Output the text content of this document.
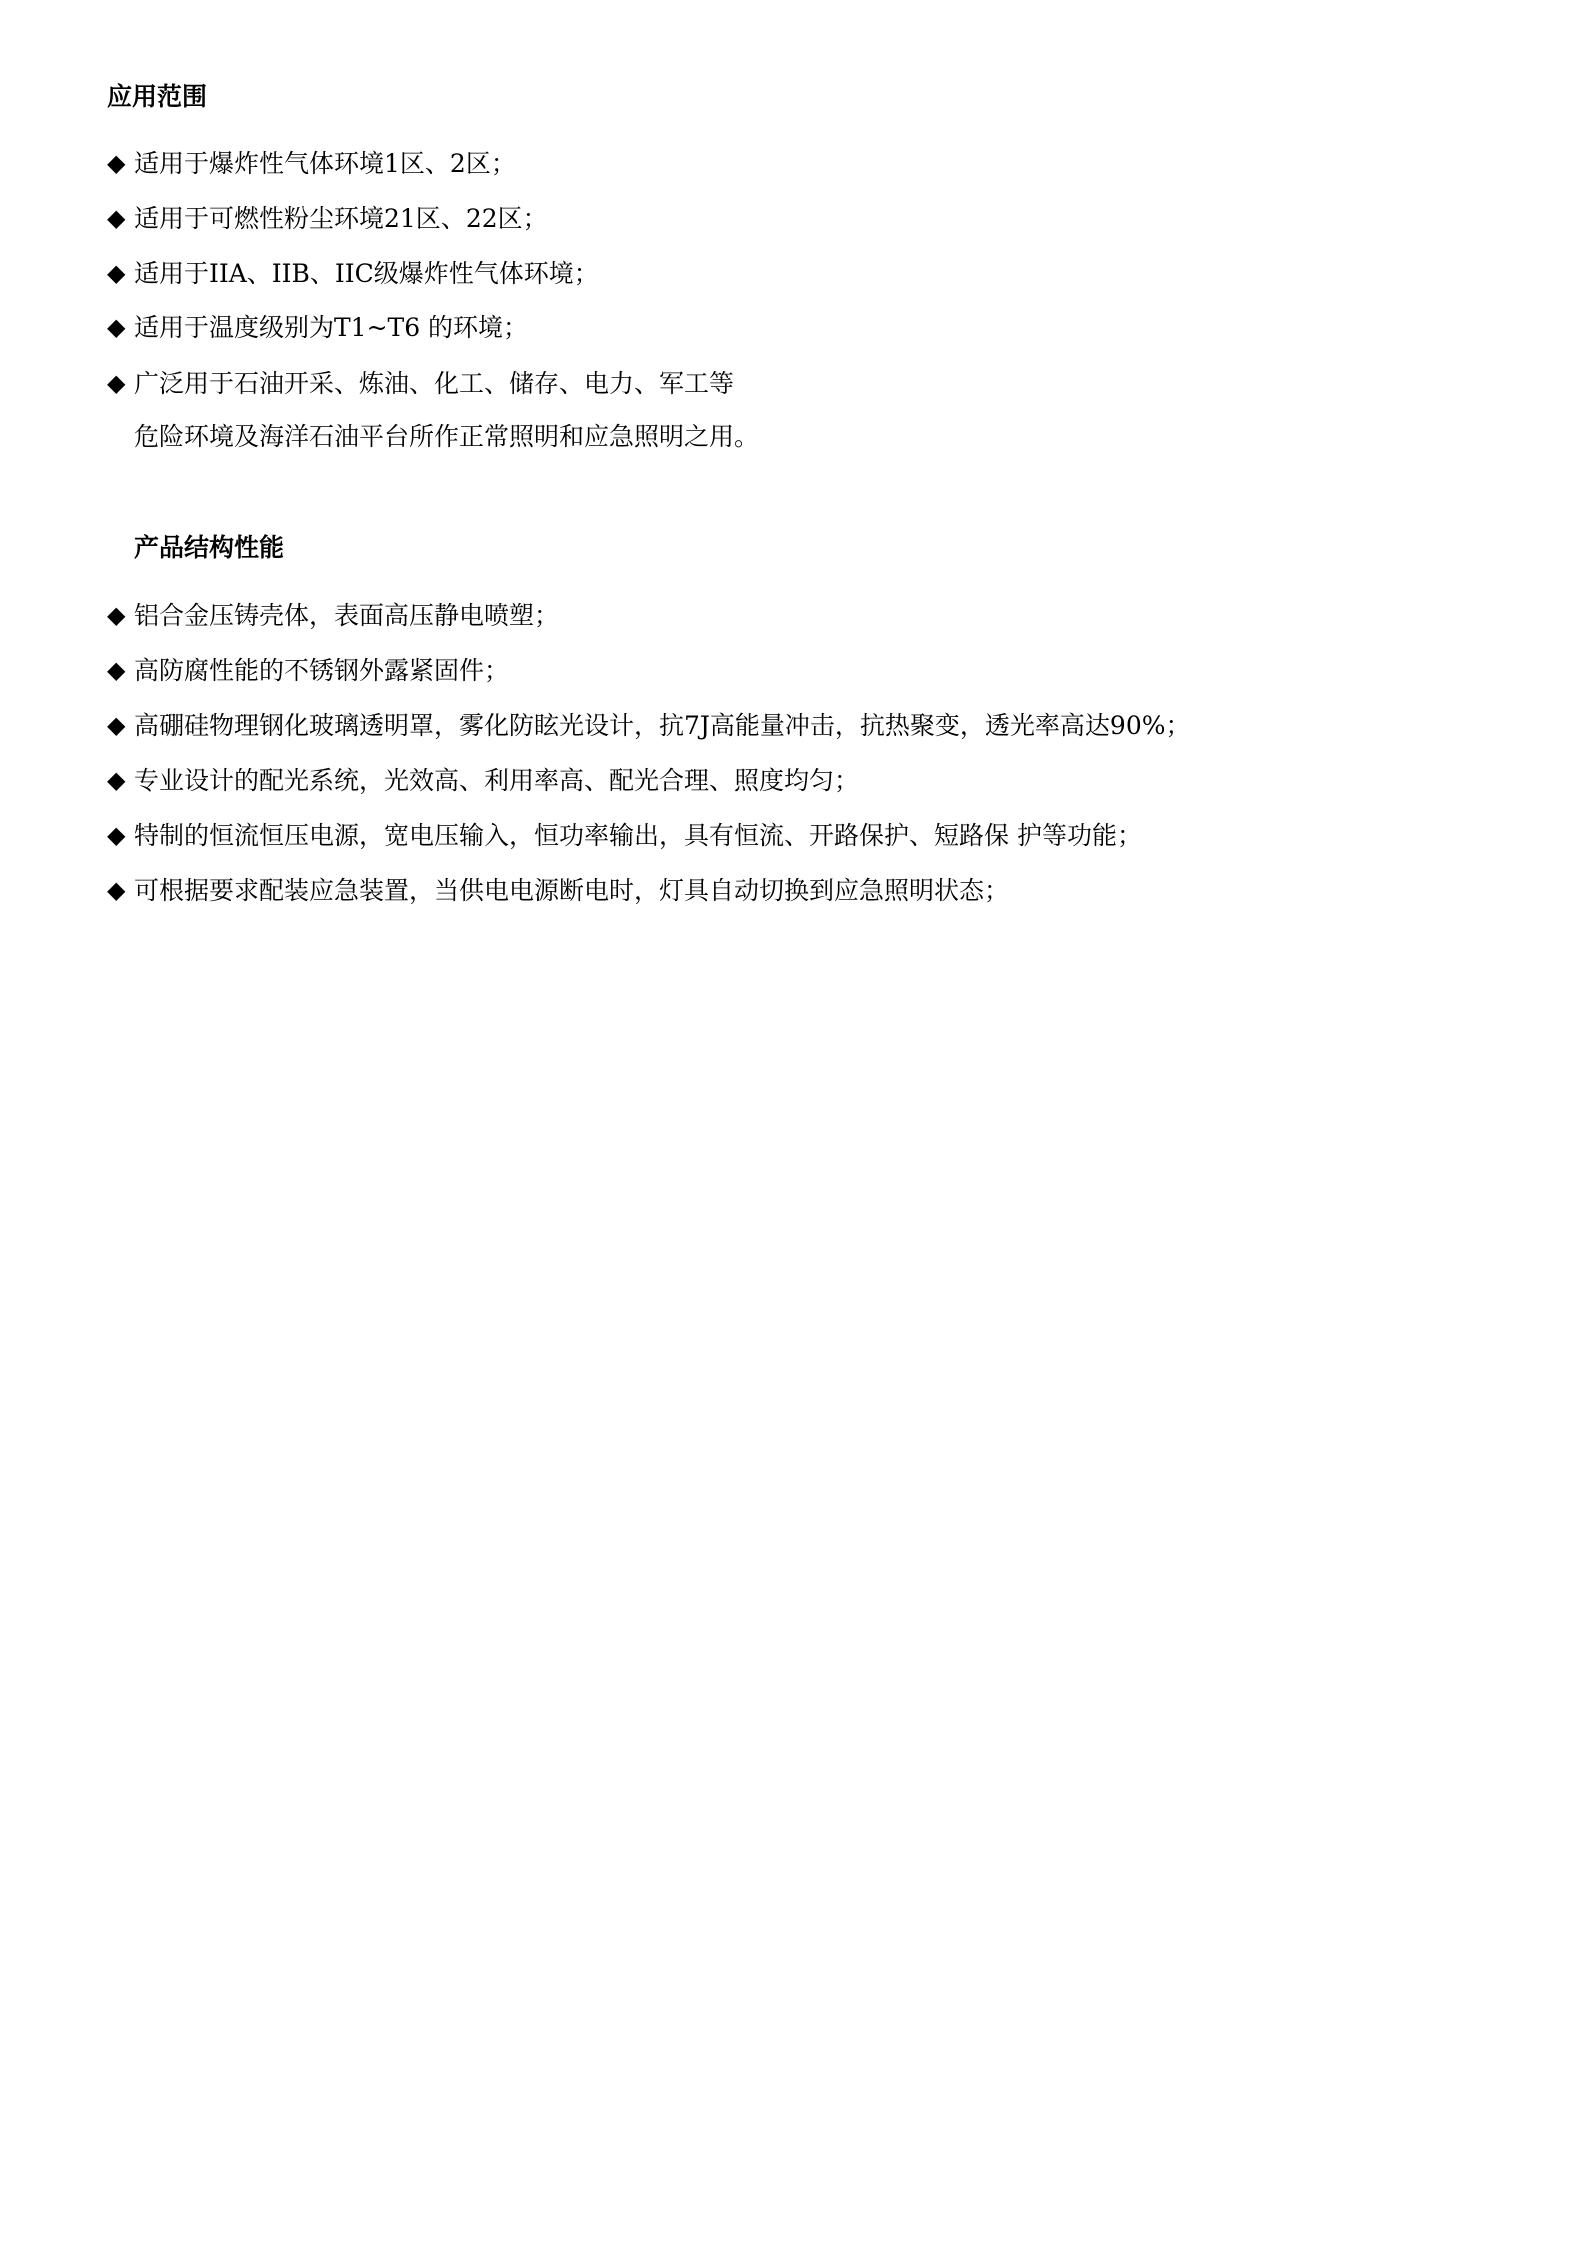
应用范围
◆ 适用于爆炸性气体环境1区、2区；
◆ 适用于可燃性粉尘环境21区、22区；
◆ 适用于IIA、IIB、IIC级爆炸性气体环境；
◆ 适用于温度级别为T1~T6 的环境；
◆ 广泛用于石油开采、炼油、化工、储存、电力、军工等
危险环境及海洋石油平台所作正常照明和应急照明之用。
产品结构性能
◆ 铝合金压铸壳体，表面高压静电喷塑；
◆ 高防腐性能的不锈钢外露紧固件；
◆ 高硼硅物理钢化玻璃透明罩，雾化防眩光设计，抗7J高能量冲击，抗热聚变，透光率高达90%；
◆ 专业设计的配光系统，光效高、利用率高、配光合理、照度均匀；
◆ 特制的恒流恒压电源，宽电压输入，恒功率输出，具有恒流、开路保护、短路保 护等功能；
◆ 可根据要求配装应急装置，当供电电源断电时，灯具自动切换到应急照明状态；
